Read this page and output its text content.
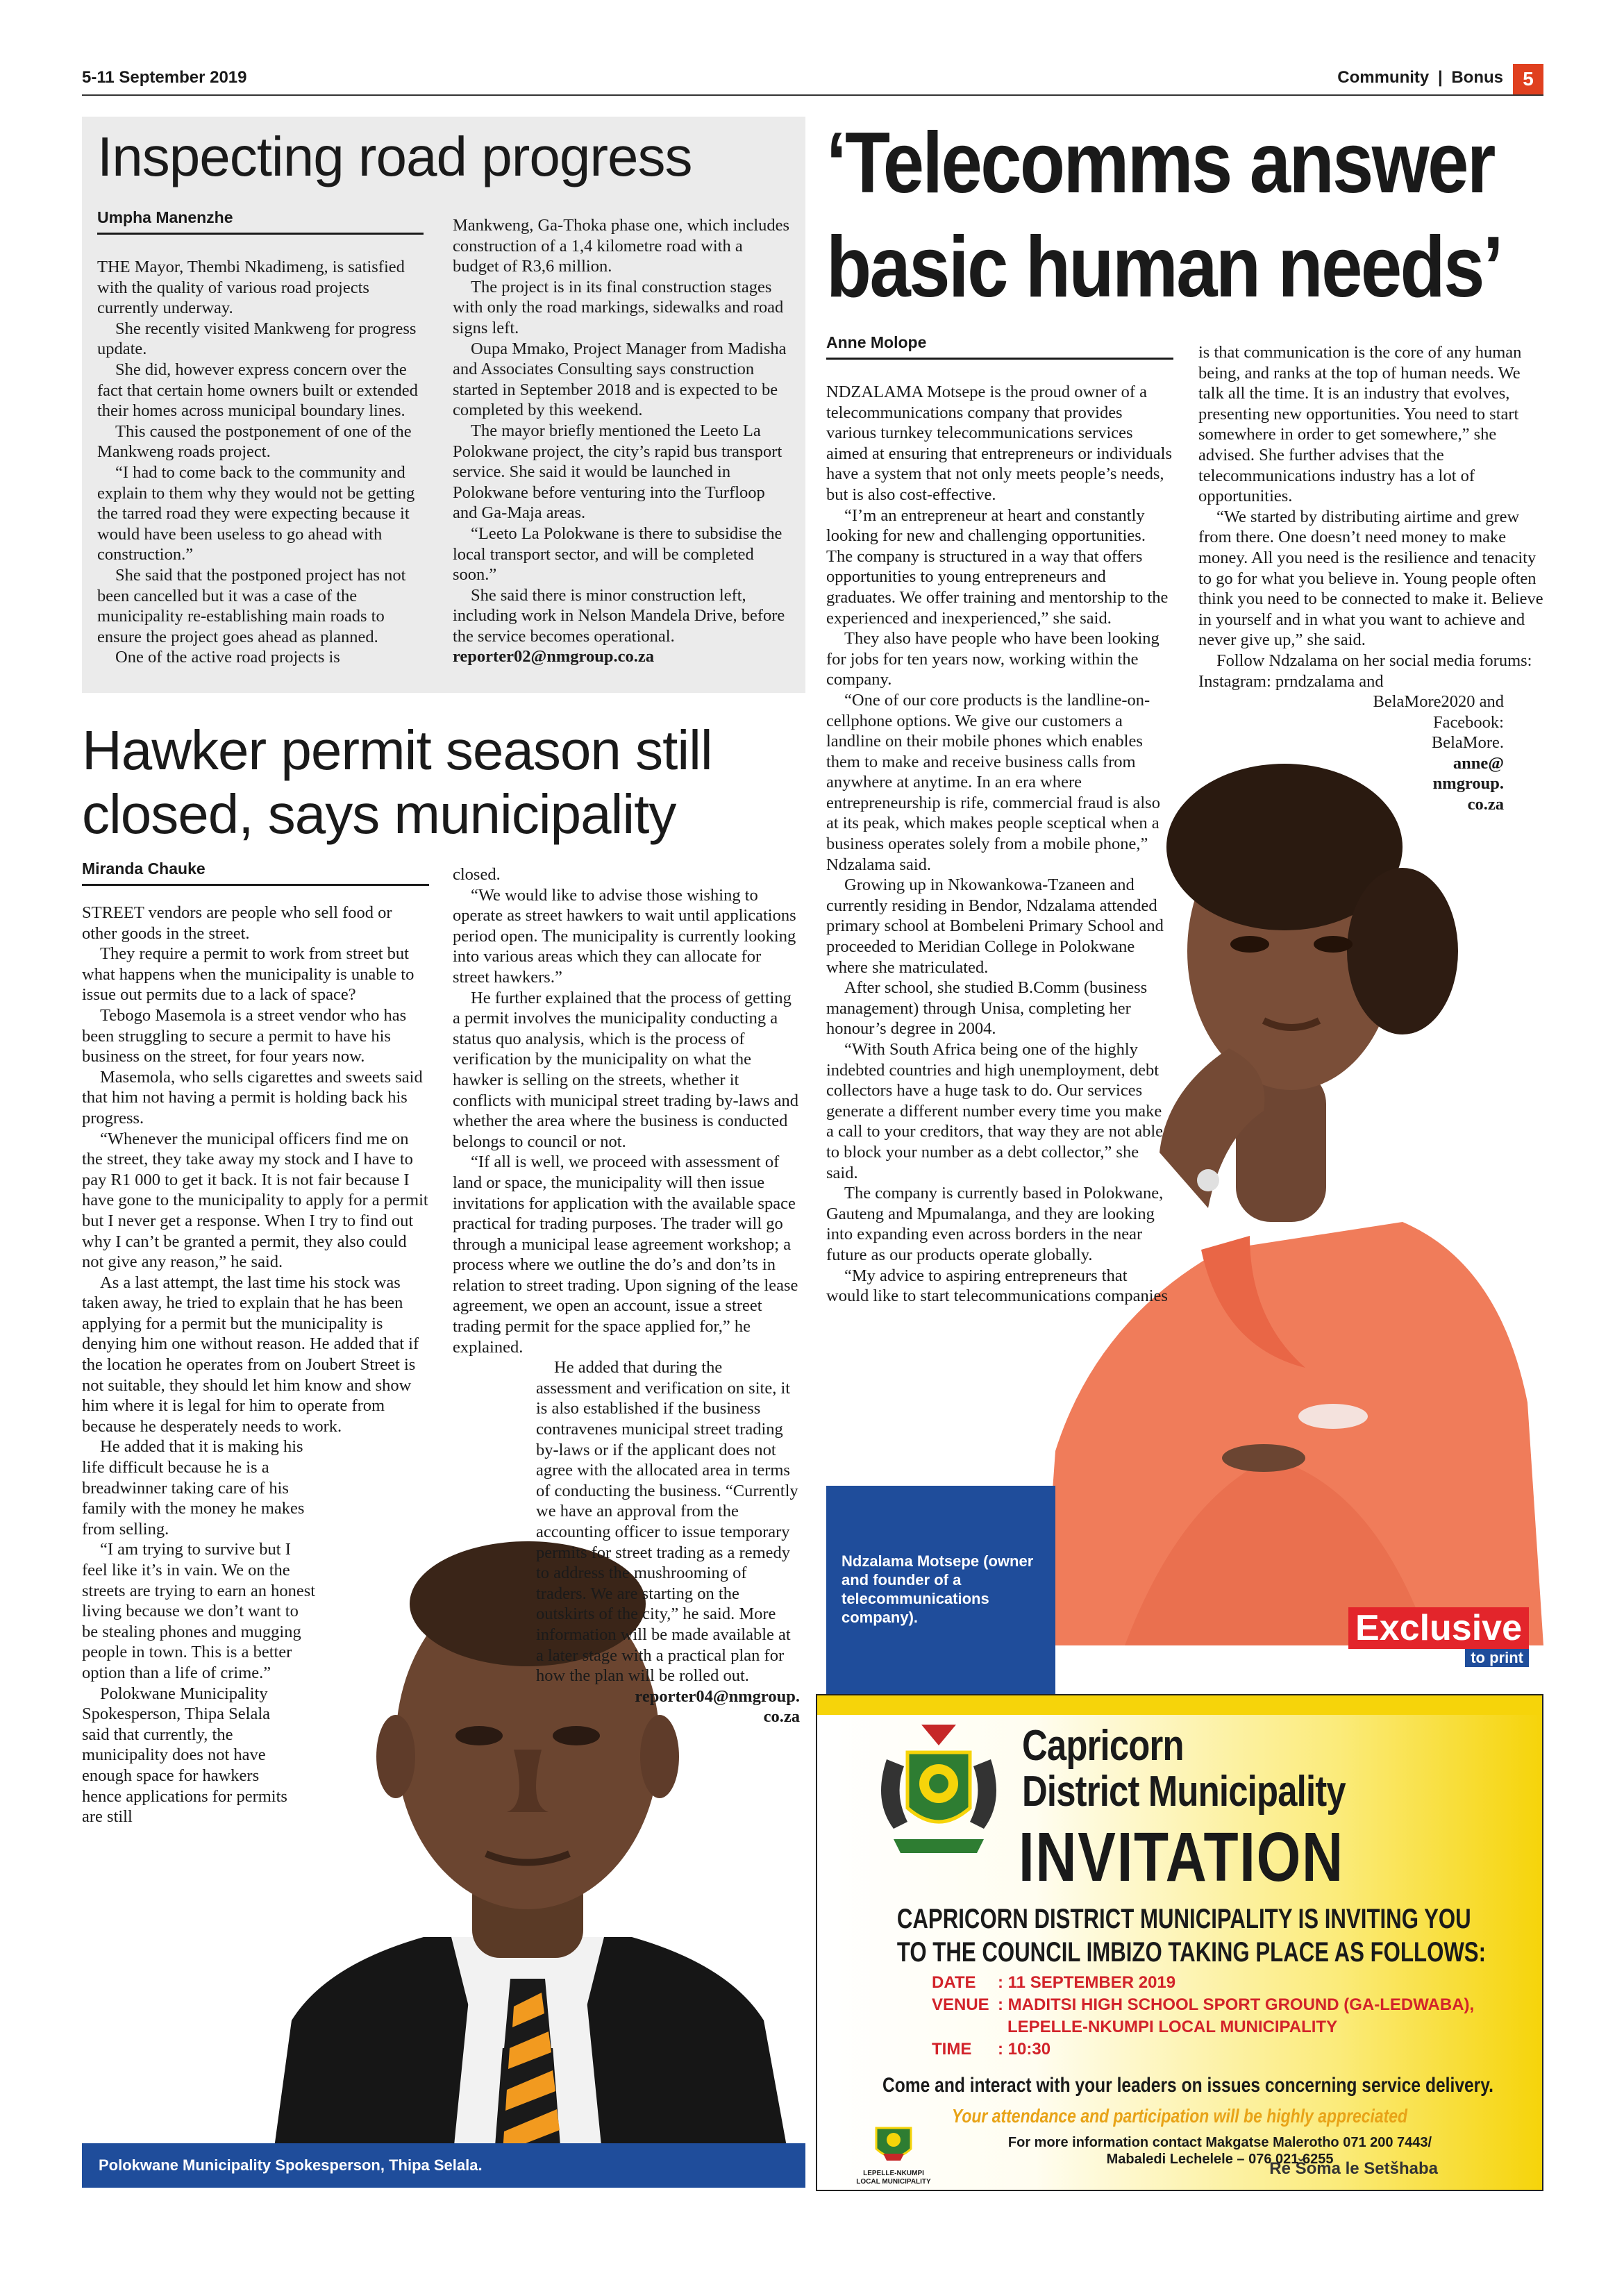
5-11 September 2019	Community | Bonus	5
Inspecting road progress
Umpha Manenzhe

THE Mayor, Thembi Nkadimeng, is satisfied with the quality of various road projects currently underway.

She recently visited Mankweng for progress update.

She did, however express concern over the fact that certain home owners built or extended their homes across municipal boundary lines.

This caused the postponement of one of the Mankweng roads project.

“I had to come back to the community and explain to them why they would not be getting the tarred road they were expecting because it would have been useless to go ahead with construction.”

She said that the postponed project has not been cancelled but it was a case of the municipality re-establishing main roads to ensure the project goes ahead as planned.

One of the active road projects is

Mankweng, Ga-Thoka phase one, which includes construction of a 1,4 kilometre road with a budget of R3,6 million.

The project is in its final construction stages with only the road markings, sidewalks and road signs left.

Oupa Mmako, Project Manager from Madisha and Associates Consulting says construction started in September 2018 and is expected to be completed by this weekend.

The mayor briefly mentioned the Leeto La Polokwane project, the city’s rapid bus transport service. She said it would be launched in Polokwane before venturing into the Turfloop and Ga-Maja areas.

“Leeto La Polokwane is there to subsidise the local transport sector, and will be completed soon.”

She said there is minor construction left, including work in Nelson Mandela Drive, before the service becomes operational.

reporter02@nmgroup.co.za

Hawker permit season still
closed, says municipality
Miranda Chauke

STREET vendors are people who sell food or other goods in the street.

They require a permit to work from street but what happens when the municipality is unable to issue out permits due to a lack of space?

Tebogo Masemola is a street vendor who has been struggling to secure a permit to have his business on the street, for four years now.

Masemola, who sells cigarettes and sweets said that him not having a permit is holding back his progress.

“Whenever the municipal officers find me on the street, they take away my stock and I have to pay R1 000 to get it back. It is not fair because I have gone to the municipality to apply for a permit but I never get a response. When I try to find out why I can’t be granted a permit, they also could not give any reason,” he said.

As a last attempt, the last time his stock was taken away, he tried to explain that he has been applying for a permit but the municipality is denying him one without reason. He added that if the location he operates from on Joubert Street is not suitable, they should let him know and show him where it is legal for him to operate from because he desperately needs to work.

He added that it is making his life difficult because he is a breadwinner taking care of his family with the money he makes from selling.

“I am trying to survive but I feel like it’s in vain. We on the streets are trying to earn an honest living because we don’t want to be stealing phones and mugging people in town. This is a better option than a life of crime.”

Polokwane Municipality Spokesperson, Thipa Selala said that currently, the municipality does not have enough space for hawkers hence applications for permits are still

closed.

“We would like to advise those wishing to operate as street hawkers to wait until applications period open. The municipality is currently looking into various areas which they can allocate for street hawkers.”

He further explained that the process of getting a permit involves the municipality conducting a status quo analysis, which is the process of verification by the municipality on what the hawker is selling on the streets, whether it conflicts with municipal street trading by-laws and whether the area where the business is conducted belongs to council or not.

“If all is well, we proceed with assessment of land or space, the municipality will then issue invitations for application with the available space practical for trading purposes. The trader will go through a municipal lease agreement workshop; a process where we outline the do’s and don’ts in relation to street trading. Upon signing of the lease agreement, we open an account, issue a street trading permit for the space applied for,” he explained.

He added that during the assessment and verification on site, it is also established if the business contravenes municipal street trading by-laws or if the applicant does not agree with the allocated area in terms of conducting the business. “Currently we have an approval from the accounting officer to issue temporary permits for street trading as a remedy to address the mushrooming of traders. We are starting on the outskirts of the city,” he said. More information will be made available at a later stage with a practical plan for how the plan will be rolled out.

reporter04@nmgroup.
co.za
Polokwane Municipality Spokesperson, Thipa Selala.
‘Telecomms answer
basic human needs’
Anne Molope

NDZALAMA Motsepe is the proud owner of a telecommunications company that provides various turnkey telecommunications services aimed at ensuring that entrepreneurs or individuals have a system that not only meets people’s needs, but is also cost-effective.

“I’m an entrepreneur at heart and constantly looking for new and challenging opportunities. The company is structured in a way that offers opportunities to young entrepreneurs and graduates. We offer training and mentorship to the experienced and inexperienced,” she said.

They also have people who have been looking for jobs for ten years now, working within the company.

“One of our core products is the landline-on-cellphone options. We give our customers a landline on their mobile phones which enables them to make and receive business calls from anywhere at anytime. In an era where entrepreneurship is rife, commercial fraud is also at its peak, which makes people sceptical when a business operates solely from a mobile phone,” Ndzalama said.

Growing up in Nkowankowa-Tzaneen and currently residing in Bendor, Ndzalama attended primary school at Bombeleni Primary School and proceeded to Meridian College in Polokwane where she matriculated.

After school, she studied B.Comm (business management) through Unisa, completing her honour’s degree in 2004.

“With South Africa being one of the highly indebted countries and high unemployment, debt collectors have a huge task to do. Our services generate a different number every time you make a call to your creditors, that way they are not able to block your number as a debt collector,” she said.

The company is currently based in Polokwane, Gauteng and Mpumalanga, and they are looking into expanding even across borders in the near future as our products operate globally.

“My advice to aspiring entrepreneurs that would like to start telecommunications companies

is that communication is the core of any human being, and ranks at the top of human needs. We talk all the time. It is an industry that evolves, presenting new opportunities. You need to start somewhere in order to get somewhere,” she advised. She further advises that the telecommunications industry has a lot of opportunities.

“We started by distributing airtime and grew from there. One doesn’t need money to make money. All you need is the resilience and tenacity to go for what you believe in. Young people often think you need to be connected to make it. Believe in yourself and in what you want to achieve and never give up,” she said.

Follow Ndzalama on her social media forums: Instagram: prndzalama and

BelaMore2020 and
Facebook:
BelaMore.
anne@
nmgroup.
co.za
Ndzalama Motsepe (owner and founder of a telecommunications company).	Exclusive
to print
Capricorn
District Municipality
INVITATION
CAPRICORN DISTRICT MUNICIPALITY IS INVITING YOU
TO THE COUNCIL IMBIZO TAKING PLACE AS FOLLOWS:
DATE : 11 SEPTEMBER 2019
VENUE : MADITSI HIGH SCHOOL SPORT GROUND (GA-LEDWABA),
LEPELLE-NKUMPI LOCAL MUNICIPALITY
TIME : 10:30
Come and interact with your leaders on issues concerning service delivery.
Your attendance and participation will be highly appreciated
For more information contact Makgatse Malerotho 071 200 7443/
Mabaledi Lechelele – 076 021 6255
LEPELLE-NKUMPI
LOCAL MUNICIPALITY
Re Šoma le Setšhaba
